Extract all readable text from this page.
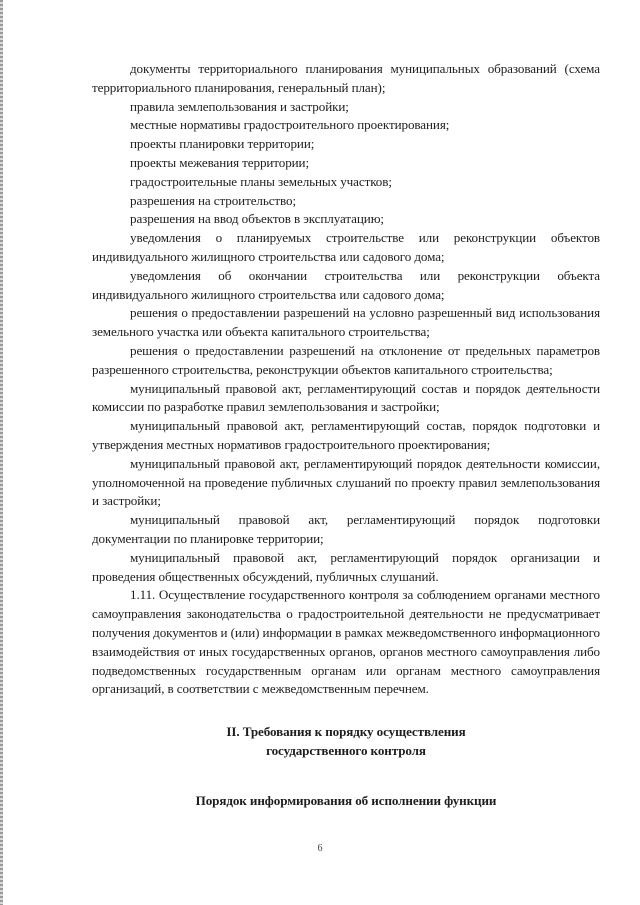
документы территориального планирования муниципальных образований (схема территориального планирования, генеральный план);

правила землепользования и застройки;

местные нормативы градостроительного проектирования;

проекты планировки территории;

проекты межевания территории;

градостроительные планы земельных участков;

разрешения на строительство;

разрешения на ввод объектов в эксплуатацию;

уведомления о планируемых строительстве или реконструкции объектов индивидуального жилищного строительства или садового дома;

уведомления об окончании строительства или реконструкции объекта индивидуального жилищного строительства или садового дома;

решения о предоставлении разрешений на условно разрешенный вид использования земельного участка или объекта капитального строительства;

решения о предоставлении разрешений на отклонение от предельных параметров разрешенного строительства, реконструкции объектов капитального строительства;

муниципальный правовой акт, регламентирующий состав и порядок деятельности комиссии по разработке правил землепользования и застройки;

муниципальный правовой акт, регламентирующий состав, порядок подготовки и утверждения местных нормативов градостроительного проектирования;

муниципальный правовой акт, регламентирующий порядок деятельности комиссии, уполномоченной на проведение публичных слушаний по проекту правил землепользования и застройки;

муниципальный правовой акт, регламентирующий порядок подготовки документации по планировке территории;

муниципальный правовой акт, регламентирующий порядок организации и проведения общественных обсуждений, публичных слушаний.

1.11. Осуществление государственного контроля за соблюдением органами местного самоуправления законодательства о градостроительной деятельности не предусматривает получения документов и (или) информации в рамках межведомственного информационного взаимодействия от иных государственных органов, органов местного самоуправления либо подведомственных государственным органам или органам местного самоуправления организаций, в соответствии с межведомственным перечнем.

II. Требования к порядку осуществления
государственного контроля
Порядок информирования об исполнении функции
6
